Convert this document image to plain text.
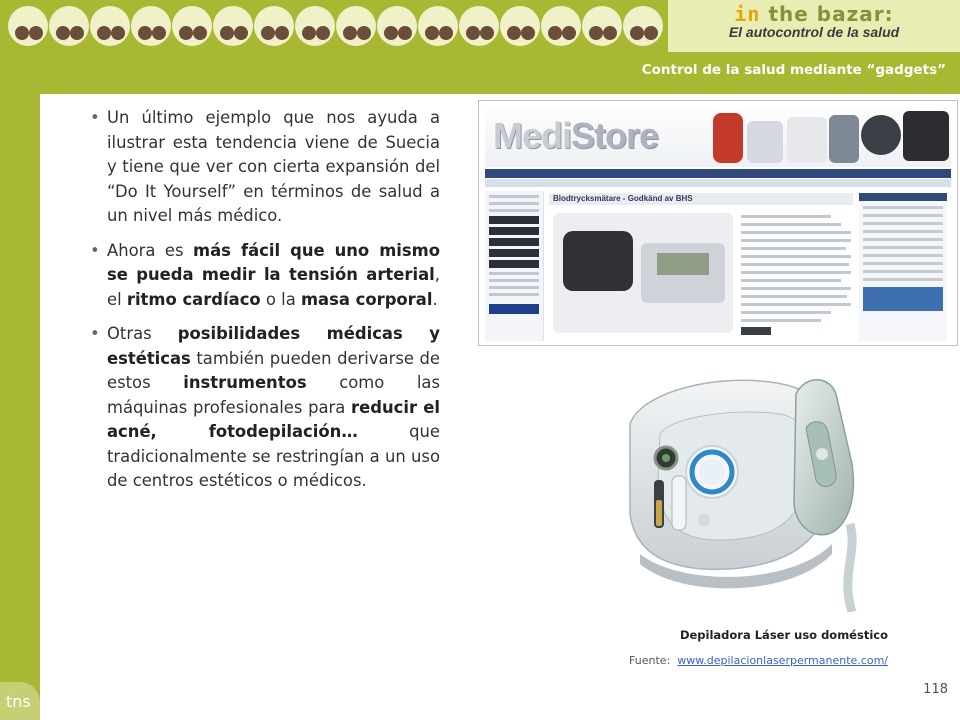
in the bazar:
El autocontrol de la salud
Control de la salud mediante “gadgets”
• Un último ejemplo que nos ayuda a ilustrar esta tendencia viene de Suecia y tiene que ver con cierta expansión del “Do It Yourself” en términos de salud a un nivel más médico.
• Ahora es más fácil que uno mismo se pueda medir la tensión arterial, el ritmo cardíaco o la masa corporal.
• Otras posibilidades médicas y estéticas también pueden derivarse de estos instrumentos como las máquinas profesionales para reducir el acné, fotodepilación… que tradicionalmente se restringían a un uso de centros estéticos o médicos.
MediStore
Blodtrycksmätare - Godkänd av BHS
Depiladora Láser uso doméstico
Fuente: www.depilacionlaserpermanente.com/
118
tns
